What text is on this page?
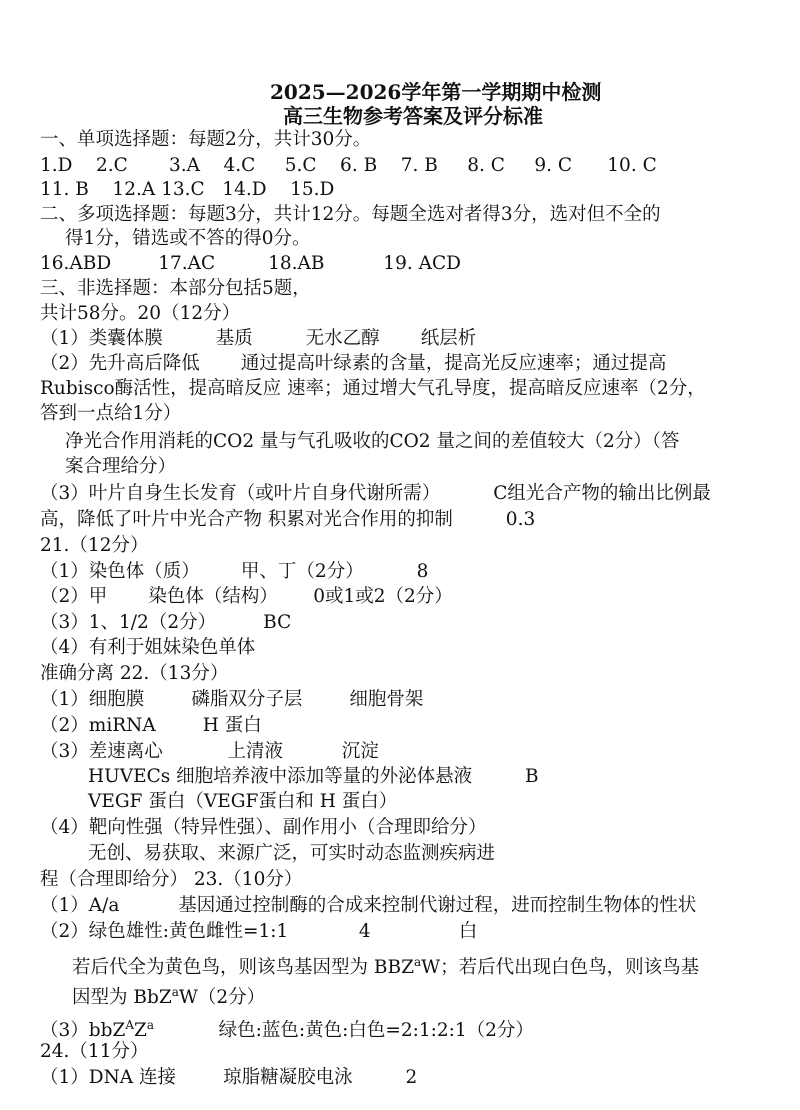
2025—2026学年第一学期期中检测
高三生物参考答案及评分标准
一、单项选择题：每题2分，共计30分。
1.D    2.C       3.A    4.C     5.C    6. B    7. B     8. C     9. C      10. C
11. B    12.A 13.C   14.D    15.D
二、多项选择题：每题3分，共计12分。每题全选对者得3分，选对但不全的
得1分，错选或不答的得0分。
16.ABD        17.AC         18.AB          19. ACD
三、非选择题：本部分包括5题，
共计58分。20（12分）
（1）类囊体膜         基质         无水乙醇       纸层析
（2）先升高后降低       通过提高叶绿素的含量，提高光反应速率；通过提高
Rubisco酶活性，提高暗反应 速率；通过增大气孔导度，提高暗反应速率（2分，
答到一点给1分）
净光合作用消耗的CO2 量与气孔吸收的CO2 量之间的差值较大（2分）（答
案合理给分）
（3）叶片自身生长发育（或叶片自身代谢所需）         C组光合产物的输出比例最
高，降低了叶片中光合产物 积累对光合作用的抑制         0.3
21.（12分）
（1）染色体（质）       甲、丁（2分）         8
（2）甲       染色体（结构）      0或1或2（2分）
（3）1、1/2（2分）        BC
（4）有利于姐妹染色单体
准确分离 22.（13分）
（1）细胞膜        磷脂双分子层        细胞骨架
（2）miRNA        H 蛋白
（3）差速离心           上清液          沉淀
HUVECs 细胞培养液中添加等量的外泌体悬液         B
VEGF 蛋白（VEGF蛋白和 H 蛋白）
（4）靶向性强（特异性强）、副作用小（合理即给分）
无创、易获取、来源广泛，可实时动态监测疾病进
程（合理即给分） 23.（10分）
（1）A/a          基因通过控制酶的合成来控制代谢过程，进而控制生物体的性状
（2）绿色雄性:黄色雌性=1:1            4               白
若后代全为黄色鸟，则该鸟基因型为 BBZ$^a$W；若后代出现白色鸟，则该鸟基
因型为 BbZ$^a$W（2分）
$(3)bbZ^AZ^a$           绿色:蓝色:黄色:白色=2:1:2:1（2分）
24.（11分）
（1）DNA 连接        琼脂糖凝胶电泳         2
